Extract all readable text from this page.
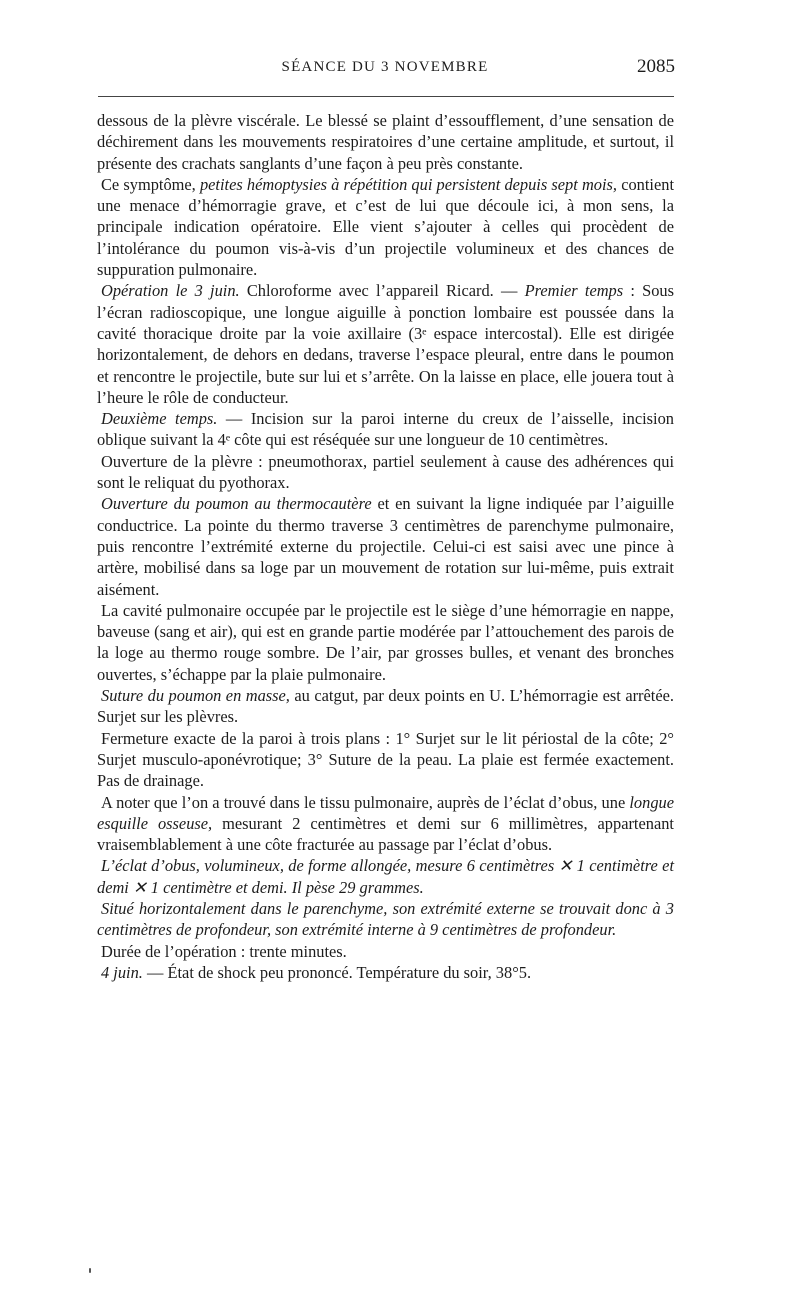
SÉANCE DU 3 NOVEMBRE	2085

dessous de la plèvre viscérale. Le blessé se plaint d’essoufflement, d’une sensation de déchirement dans les mouvements respiratoires d’une certaine amplitude, et surtout, il présente des crachats sanglants d’une façon à peu près constante.

Ce symptôme, petites hémoptysies à répétition qui persistent depuis sept mois, contient une menace d’hémorragie grave, et c’est de lui que découle ici, à mon sens, la principale indication opératoire. Elle vient s’ajouter à celles qui procèdent de l’intolérance du poumon vis-à-vis d’un projectile volumineux et des chances de suppuration pulmonaire.

Opération le 3 juin. Chloroforme avec l’appareil Ricard. — Premier temps : Sous l’écran radioscopique, une longue aiguille à ponction lombaire est poussée dans la cavité thoracique droite par la voie axillaire (3ᵉ espace intercostal). Elle est dirigée horizontalement, de dehors en dedans, traverse l’espace pleural, entre dans le poumon et rencontre le projectile, bute sur lui et s’arrête. On la laisse en place, elle jouera tout à l’heure le rôle de conducteur.

Deuxième temps. — Incision sur la paroi interne du creux de l’aisselle, incision oblique suivant la 4ᵉ côte qui est réséquée sur une longueur de 10 centimètres.

Ouverture de la plèvre : pneumothorax, partiel seulement à cause des adhérences qui sont le reliquat du pyothorax.

Ouverture du poumon au thermocautère et en suivant la ligne indiquée par l’aiguille conductrice. La pointe du thermo traverse 3 centimètres de parenchyme pulmonaire, puis rencontre l’extrémité externe du projectile. Celui-ci est saisi avec une pince à artère, mobilisé dans sa loge par un mouvement de rotation sur lui-même, puis extrait aisément.

La cavité pulmonaire occupée par le projectile est le siège d’une hémorragie en nappe, baveuse (sang et air), qui est en grande partie modérée par l’attouchement des parois de la loge au thermo rouge sombre. De l’air, par grosses bulles, et venant des bronches ouvertes, s’échappe par la plaie pulmonaire.

Suture du poumon en masse, au catgut, par deux points en U. L’hémorragie est arrêtée. Surjet sur les plèvres.

Fermeture exacte de la paroi à trois plans : 1° Surjet sur le lit périostal de la côte; 2° Surjet musculo-aponévrotique; 3° Suture de la peau. La plaie est fermée exactement. Pas de drainage.

A noter que l’on a trouvé dans le tissu pulmonaire, auprès de l’éclat d’obus, une longue esquille osseuse, mesurant 2 centimètres et demi sur 6 millimètres, appartenant vraisemblablement à une côte fracturée au passage par l’éclat d’obus.

L’éclat d’obus, volumineux, de forme allongée, mesure 6 centimètres ✕ 1 centimètre et demi ✕ 1 centimètre et demi. Il pèse 29 grammes.

Situé horizontalement dans le parenchyme, son extrémité externe se trouvait donc à 3 centimètres de profondeur, son extrémité interne à 9 centimètres de profondeur.

Durée de l’opération : trente minutes.

4 juin. — État de shock peu prononcé. Température du soir, 38°5.
